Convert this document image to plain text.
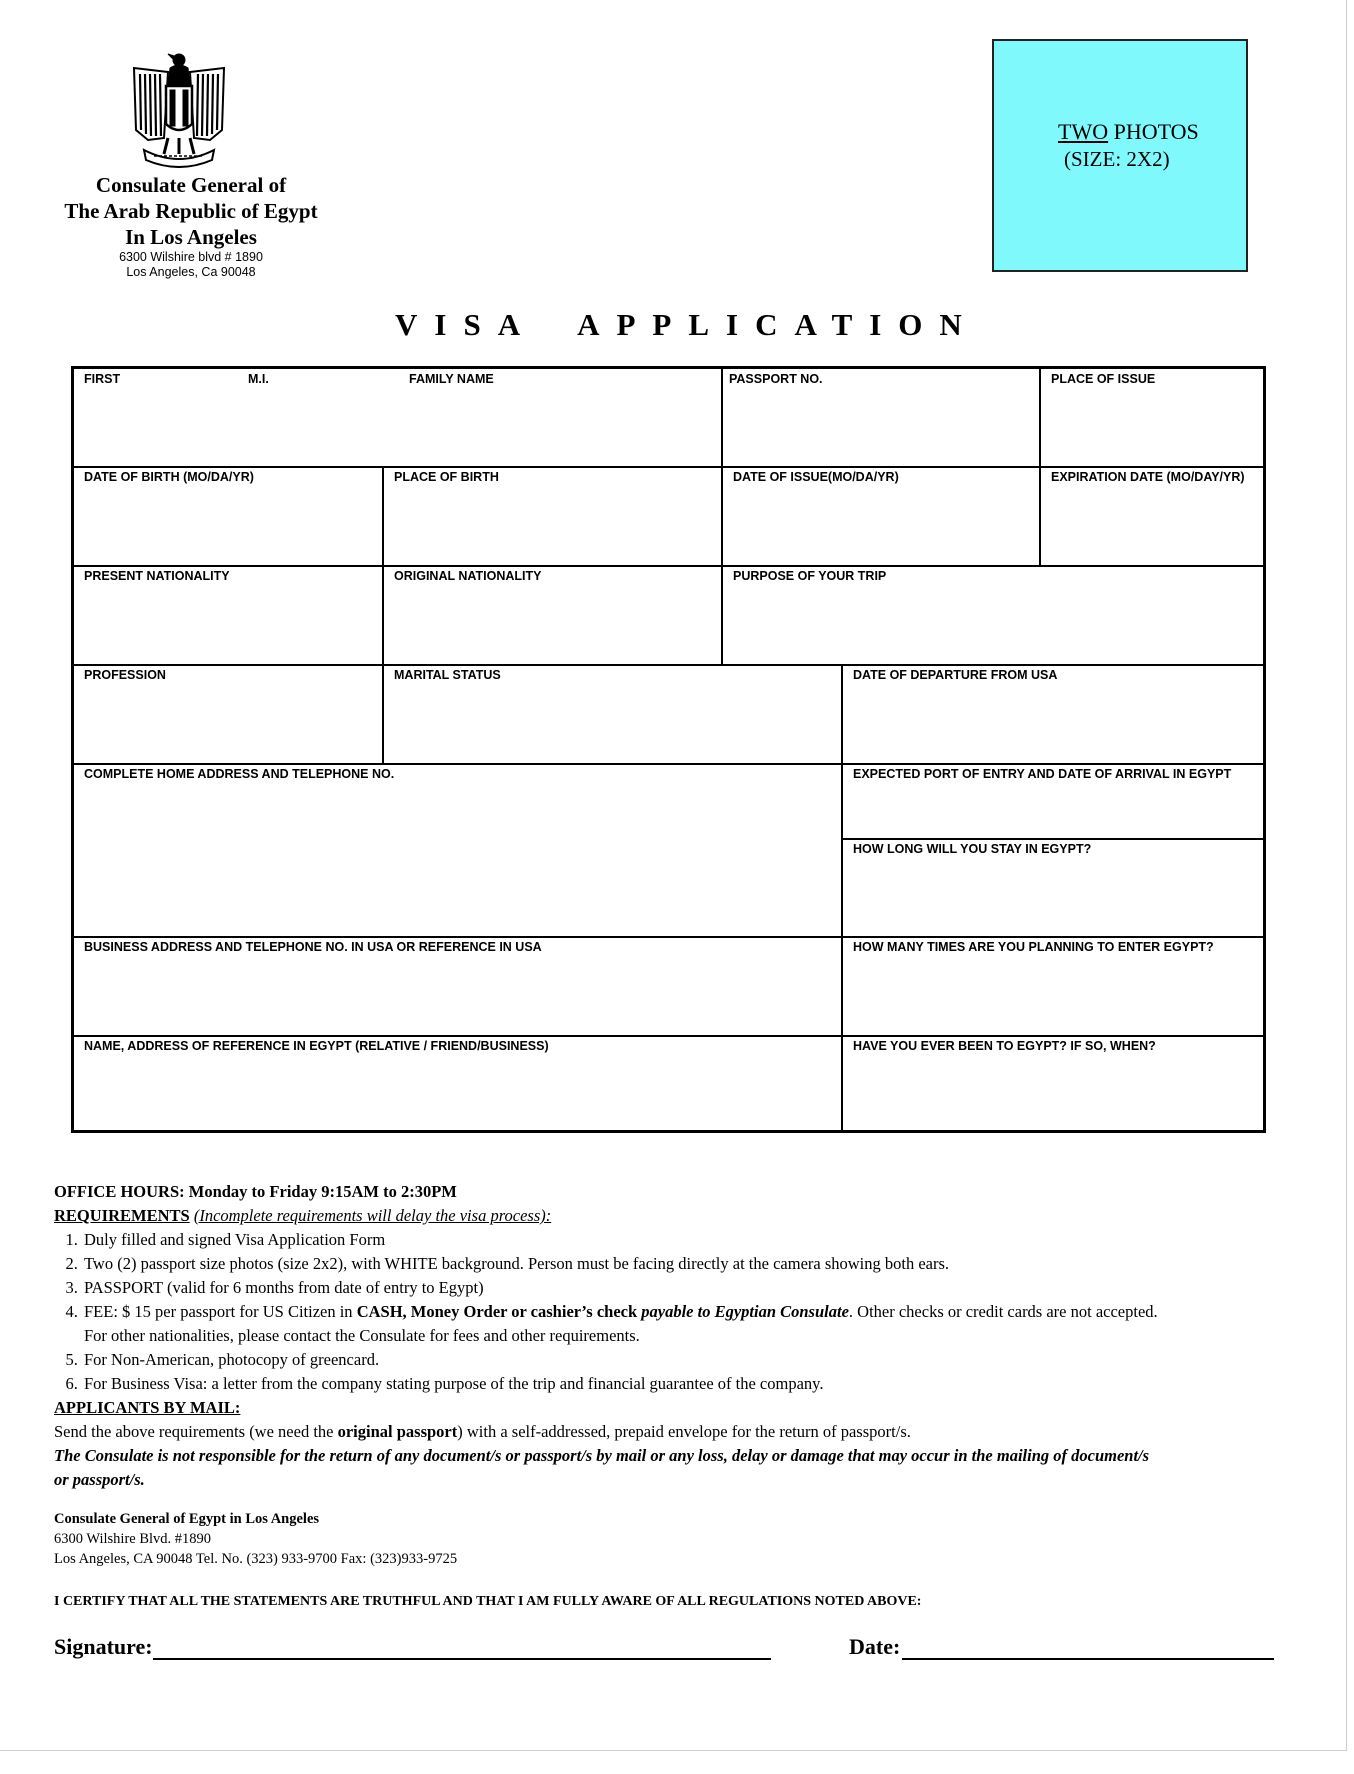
Consulate General of
The Arab Republic of Egypt
In Los Angeles
6300 Wilshire blvd # 1890
Los Angeles, Ca 90048
TWO PHOTOS
(SIZE: 2X2)
VISA APPLICATION
FIRST	M.I.	FAMILY NAME	PASSPORT NO.	PLACE OF ISSUE
DATE OF BIRTH (MO/DA/YR)	PLACE OF BIRTH	DATE OF ISSUE(MO/DA/YR)	EXPIRATION DATE (MO/DAY/YR)
PRESENT NATIONALITY	ORIGINAL NATIONALITY	PURPOSE OF YOUR TRIP
PROFESSION	MARITAL STATUS	DATE OF DEPARTURE FROM USA
COMPLETE HOME ADDRESS AND TELEPHONE NO.	EXPECTED PORT OF ENTRY AND DATE OF ARRIVAL IN EGYPT
HOW LONG WILL YOU STAY IN EGYPT?
BUSINESS ADDRESS AND TELEPHONE NO. IN USA OR REFERENCE IN USA	HOW MANY TIMES ARE YOU PLANNING TO ENTER EGYPT?
NAME, ADDRESS OF REFERENCE IN EGYPT (RELATIVE / FRIEND/BUSINESS)	HAVE YOU EVER BEEN TO EGYPT? IF SO, WHEN?

OFFICE HOURS: Monday to Friday 9:15AM to 2:30PM

REQUIREMENTS (Incomplete requirements will delay the visa process):

1. Duly filled and signed Visa Application Form
2. Two (2) passport size photos (size 2x2), with WHITE background. Person must be facing directly at the camera showing both ears.
3. PASSPORT (valid for 6 months from date of entry to Egypt)
4. FEE: $ 15 per passport for US Citizen in CASH, Money Order or cashier’s check payable to Egyptian Consulate. Other checks or credit cards are not accepted.
For other nationalities, please contact the Consulate for fees and other requirements.
5. For Non-American, photocopy of greencard.
6. For Business Visa: a letter from the company stating purpose of the trip and financial guarantee of the company.

APPLICANTS BY MAIL:

Send the above requirements (we need the original passport) with a self-addressed, prepaid envelope for the return of passport/s.

The Consulate is not responsible for the return of any document/s or passport/s by mail or any loss, delay or damage that may occur in the mailing of document/s or passport/s.

Consulate General of Egypt in Los Angeles
6300 Wilshire Blvd. #1890
Los Angeles, CA 90048 Tel. No. (323) 933-9700 Fax: (323)933-9725
I CERTIFY THAT ALL THE STATEMENTS ARE TRUTHFUL AND THAT I AM FULLY AWARE OF ALL REGULATIONS NOTED ABOVE:
Signature:	Date:
